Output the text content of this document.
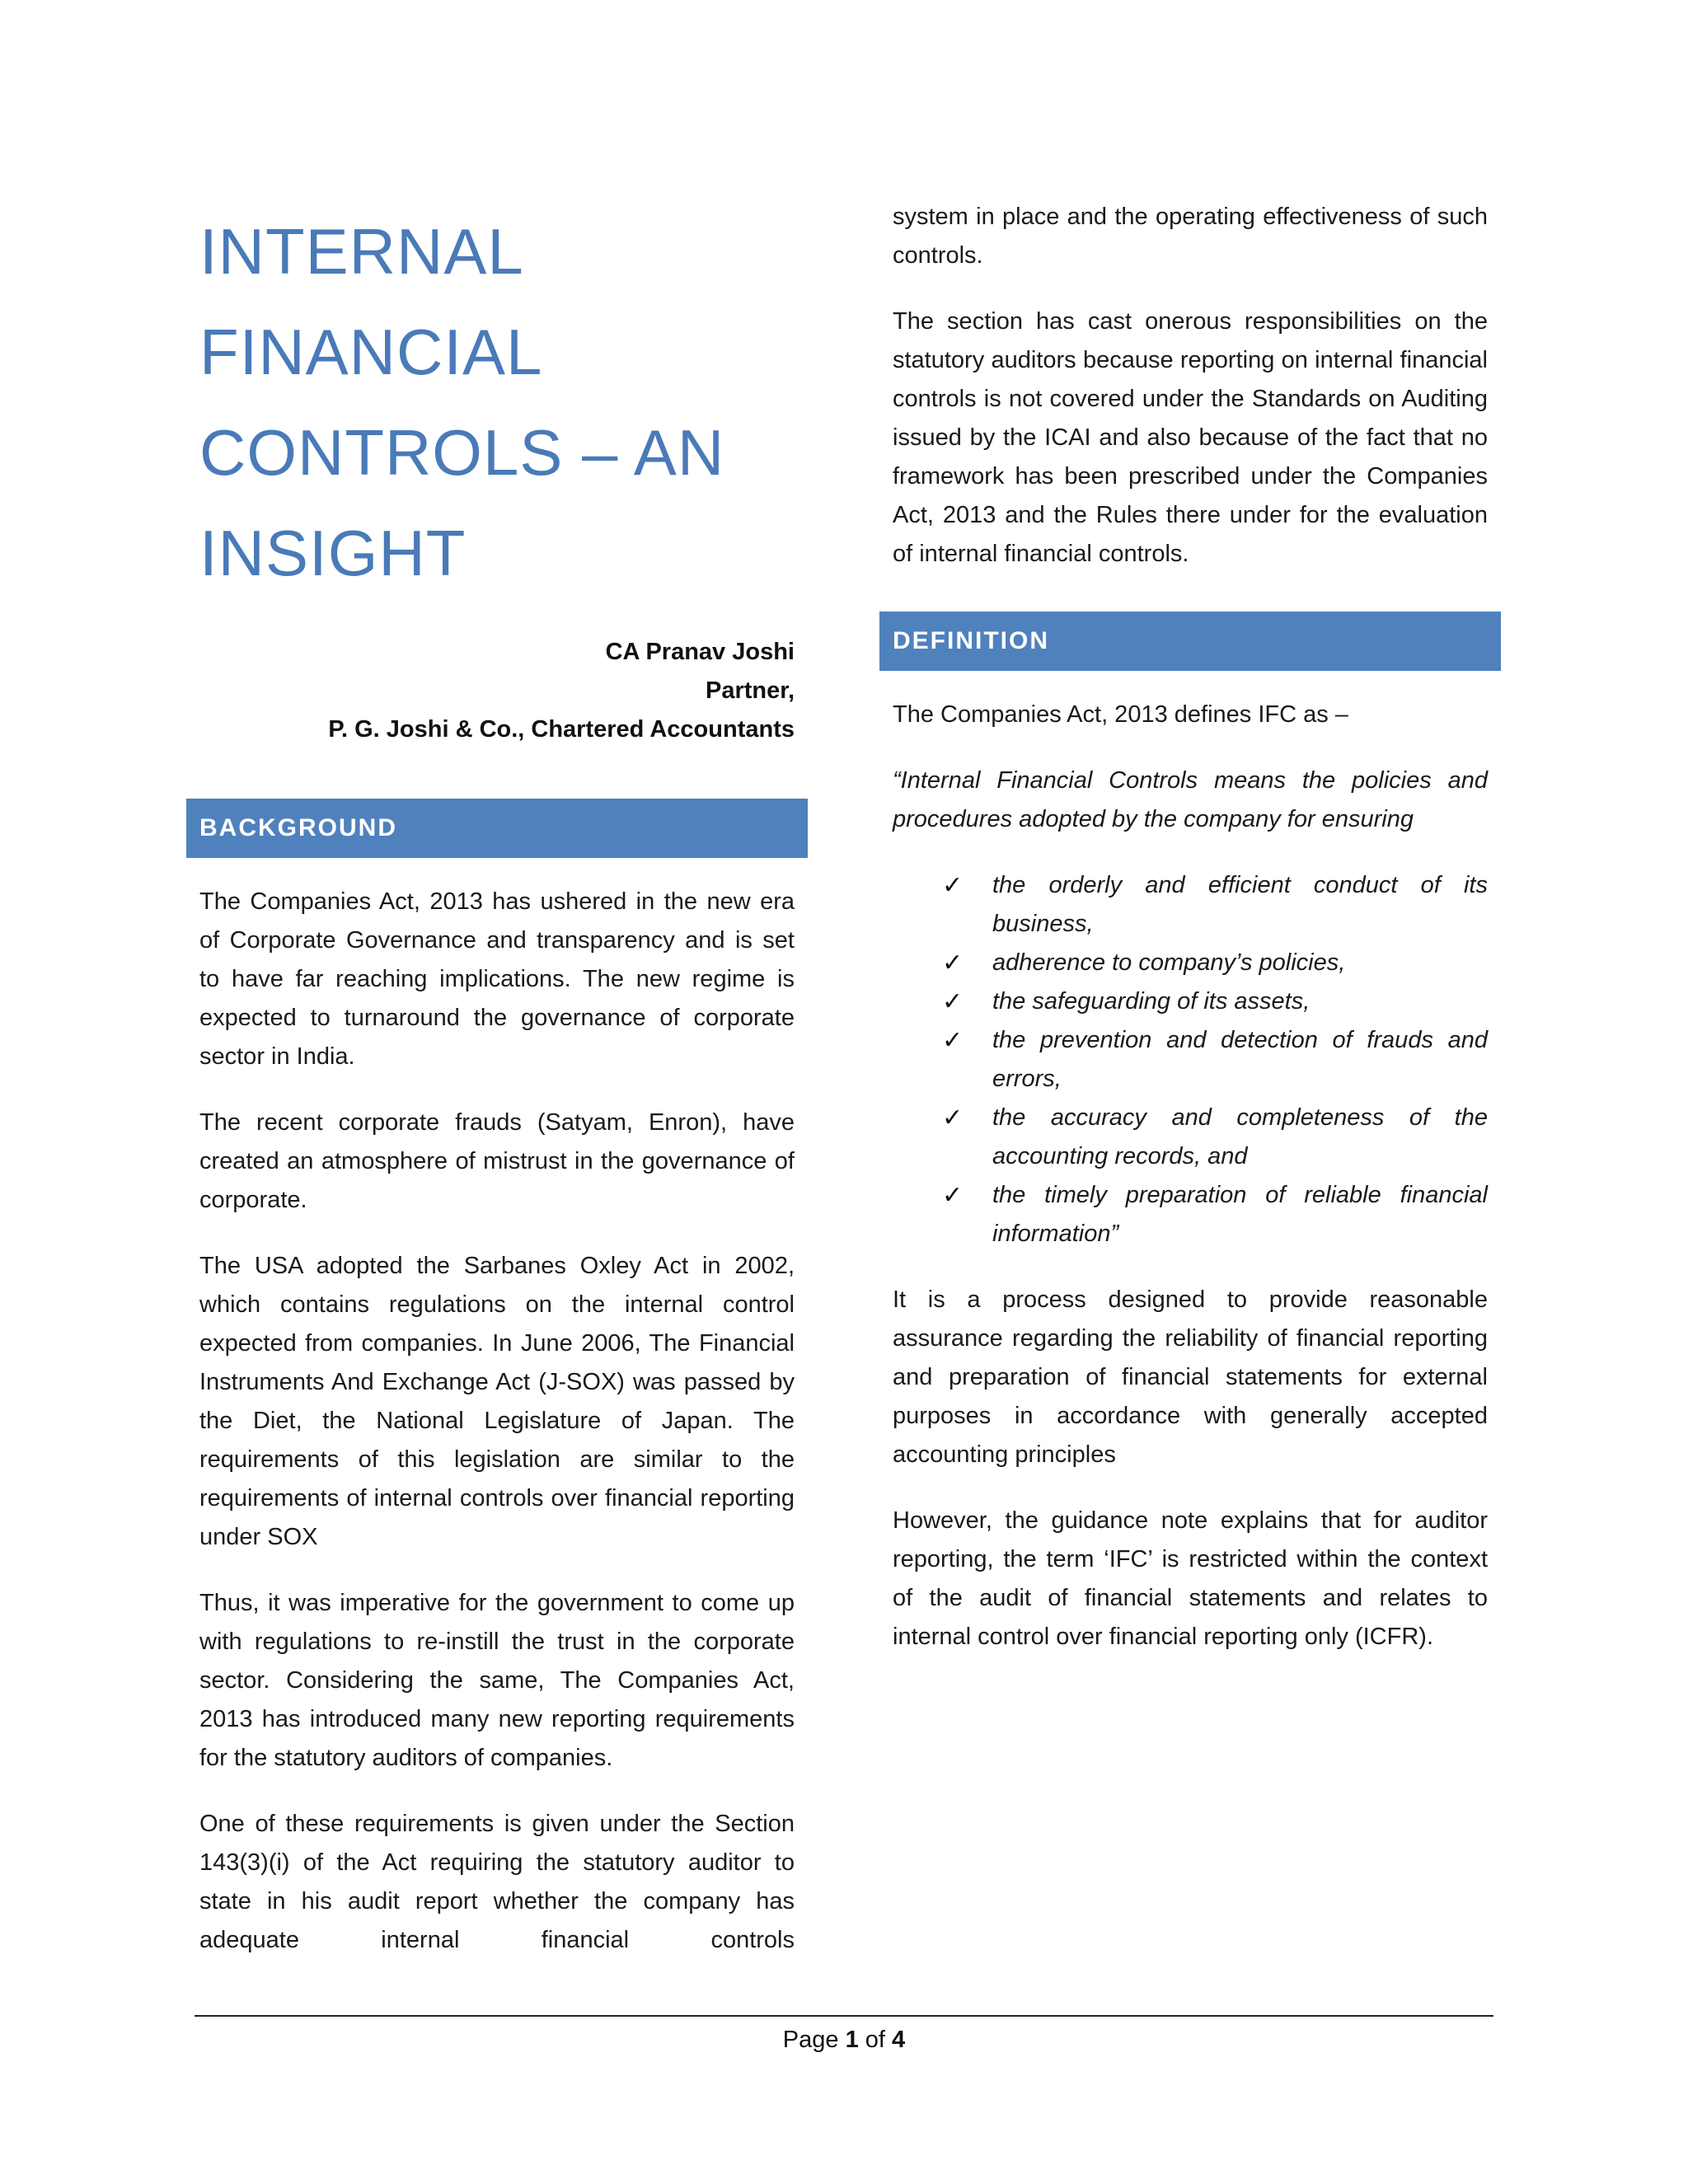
INTERNAL
FINANCIAL
CONTROLS – AN
INSIGHT
CA Pranav Joshi
Partner,
P. G. Joshi & Co., Chartered Accountants
BACKGROUND

The Companies Act, 2013 has ushered in the new era of Corporate Governance and transparency and is set to have far reaching implications. The new regime is expected to turnaround the governance of corporate sector in India.

The recent corporate frauds (Satyam, Enron), have created an atmosphere of mistrust in the governance of corporate.

The USA adopted the Sarbanes Oxley Act in 2002, which contains regulations on the internal control expected from companies. In June 2006, The Financial Instruments And Exchange Act (J-SOX) was passed by the Diet, the National Legislature of Japan. The requirements of this legislation are similar to the requirements of internal controls over financial reporting under SOX

Thus, it was imperative for the government to come up with regulations to re-instill the trust in the corporate sector. Considering the same, The Companies Act, 2013 has introduced many new reporting requirements for the statutory auditors of companies.

One of these requirements is given under the Section 143(3)(i) of the Act requiring the statutory auditor to state in his audit report whether the company has adequate internal financial controls

system in place and the operating effectiveness of such controls.

The section has cast onerous responsibilities on the statutory auditors because reporting on internal financial controls is not covered under the Standards on Auditing issued by the ICAI and also because of the fact that no framework has been prescribed under the Companies Act, 2013 and the Rules there under for the evaluation of internal financial controls.

DEFINITION

The Companies Act, 2013 defines IFC as –

“Internal Financial Controls means the policies and procedures adopted by the company for ensuring

✓ the orderly and efficient conduct of its business,
✓ adherence to company’s policies,
✓ the safeguarding of its assets,
✓ the prevention and detection of frauds and errors,
✓ the accuracy and completeness of the accounting records, and
✓ the timely preparation of reliable financial information”

It is a process designed to provide reasonable assurance regarding the reliability of financial reporting and preparation of financial statements for external purposes in accordance with generally accepted accounting principles

However, the guidance note explains that for auditor reporting, the term ‘IFC’ is restricted within the context of the audit of financial statements and relates to internal control over financial reporting only (ICFR).

Page 1 of 4
